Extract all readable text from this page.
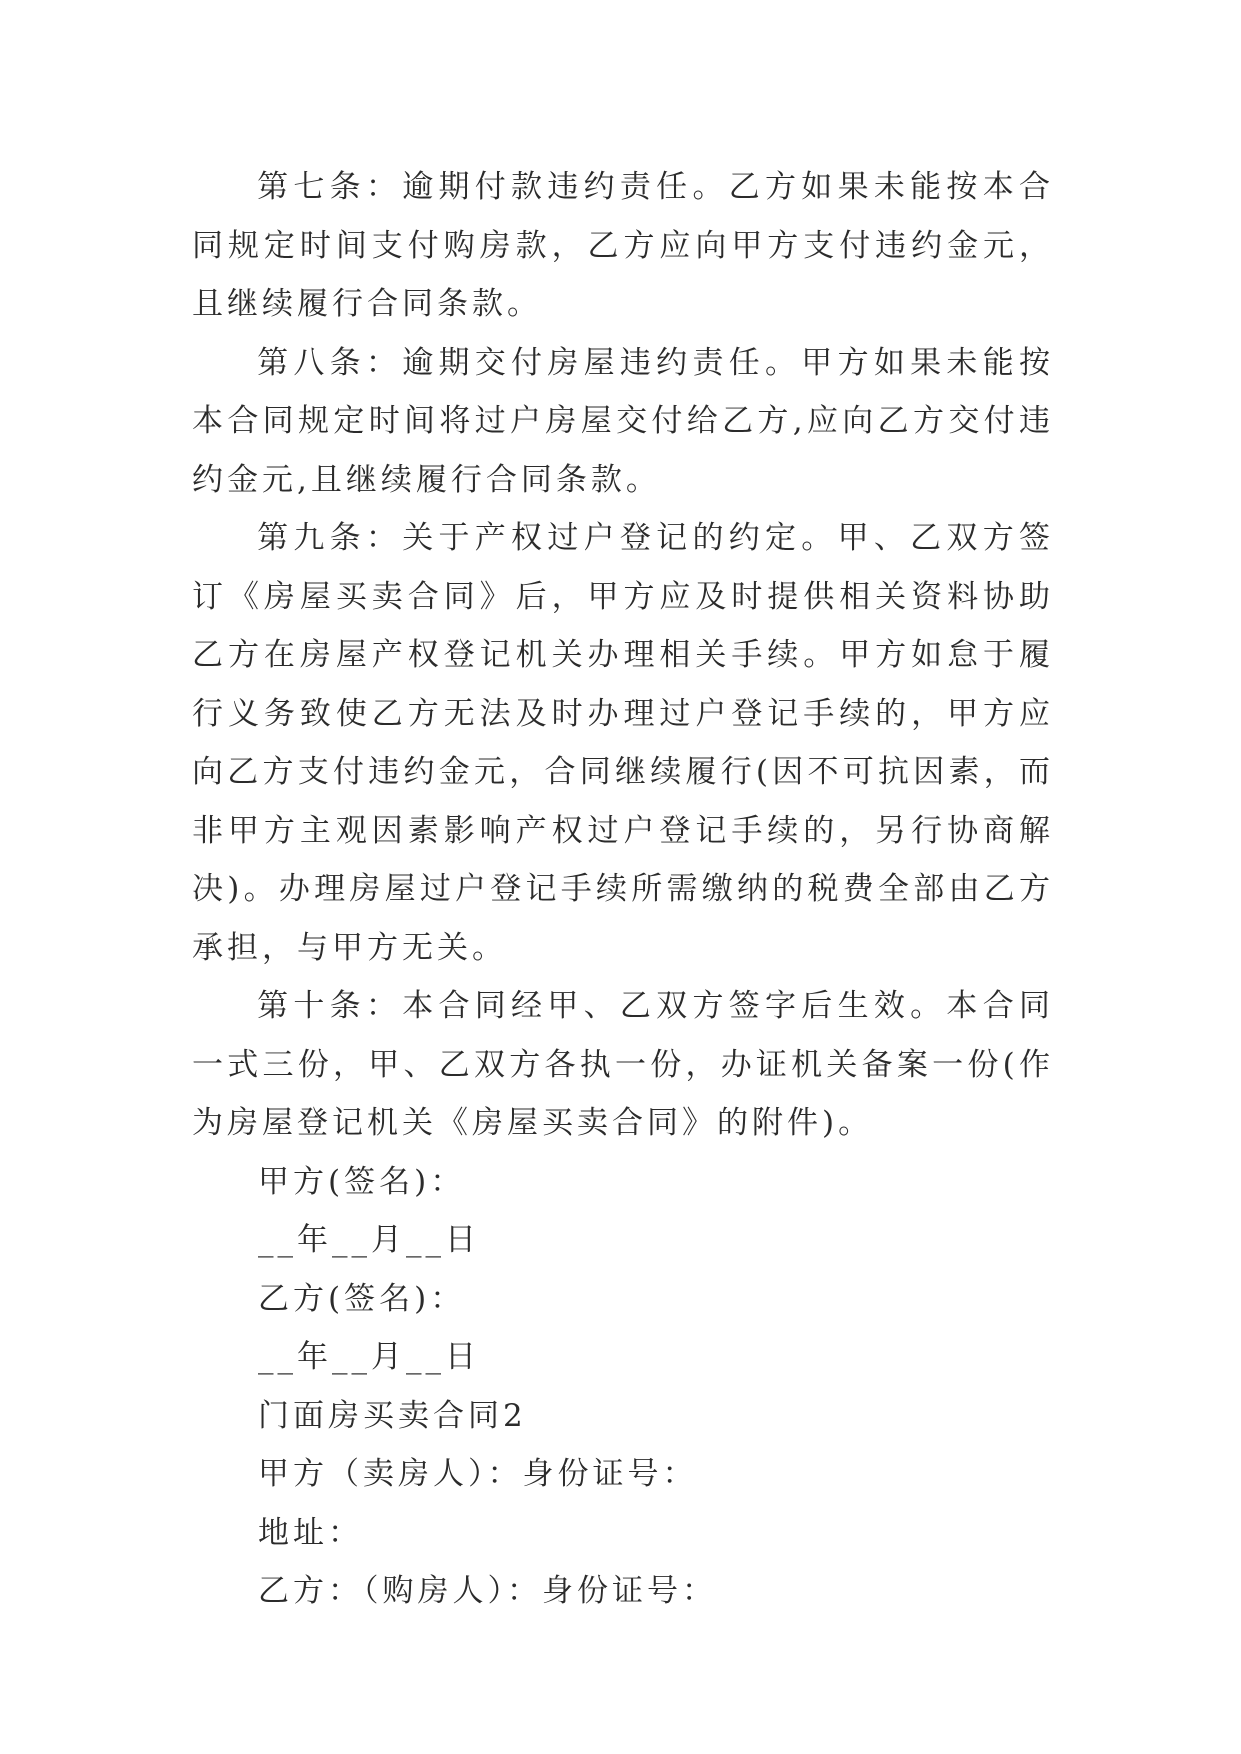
第七条：逾期付款违约责任。乙方如果未能按本合同规定时间支付购房款，乙方应向甲方支付违约金元，且继续履行合同条款。

第八条：逾期交付房屋违约责任。甲方如果未能按本合同规定时间将过户房屋交付给乙方,应向乙方交付违约金元,且继续履行合同条款。

第九条：关于产权过户登记的约定。甲、乙双方签订《房屋买卖合同》后，甲方应及时提供相关资料协助乙方在房屋产权登记机关办理相关手续。甲方如怠于履行义务致使乙方无法及时办理过户登记手续的，甲方应向乙方支付违约金元，合同继续履行(因不可抗因素，而非甲方主观因素影响产权过户登记手续的，另行协商解决)。办理房屋过户登记手续所需缴纳的税费全部由乙方承担，与甲方无关。

第十条：本合同经甲、乙双方签字后生效。本合同一式三份，甲、乙双方各执一份，办证机关备案一份(作为房屋登记机关《房屋买卖合同》的附件)。

甲方(签名)：

__年__月__日

乙方(签名)：

__年__月__日

门面房买卖合同2

甲方（卖房人）：身份证号：

地址：

乙方：（购房人）：身份证号：
